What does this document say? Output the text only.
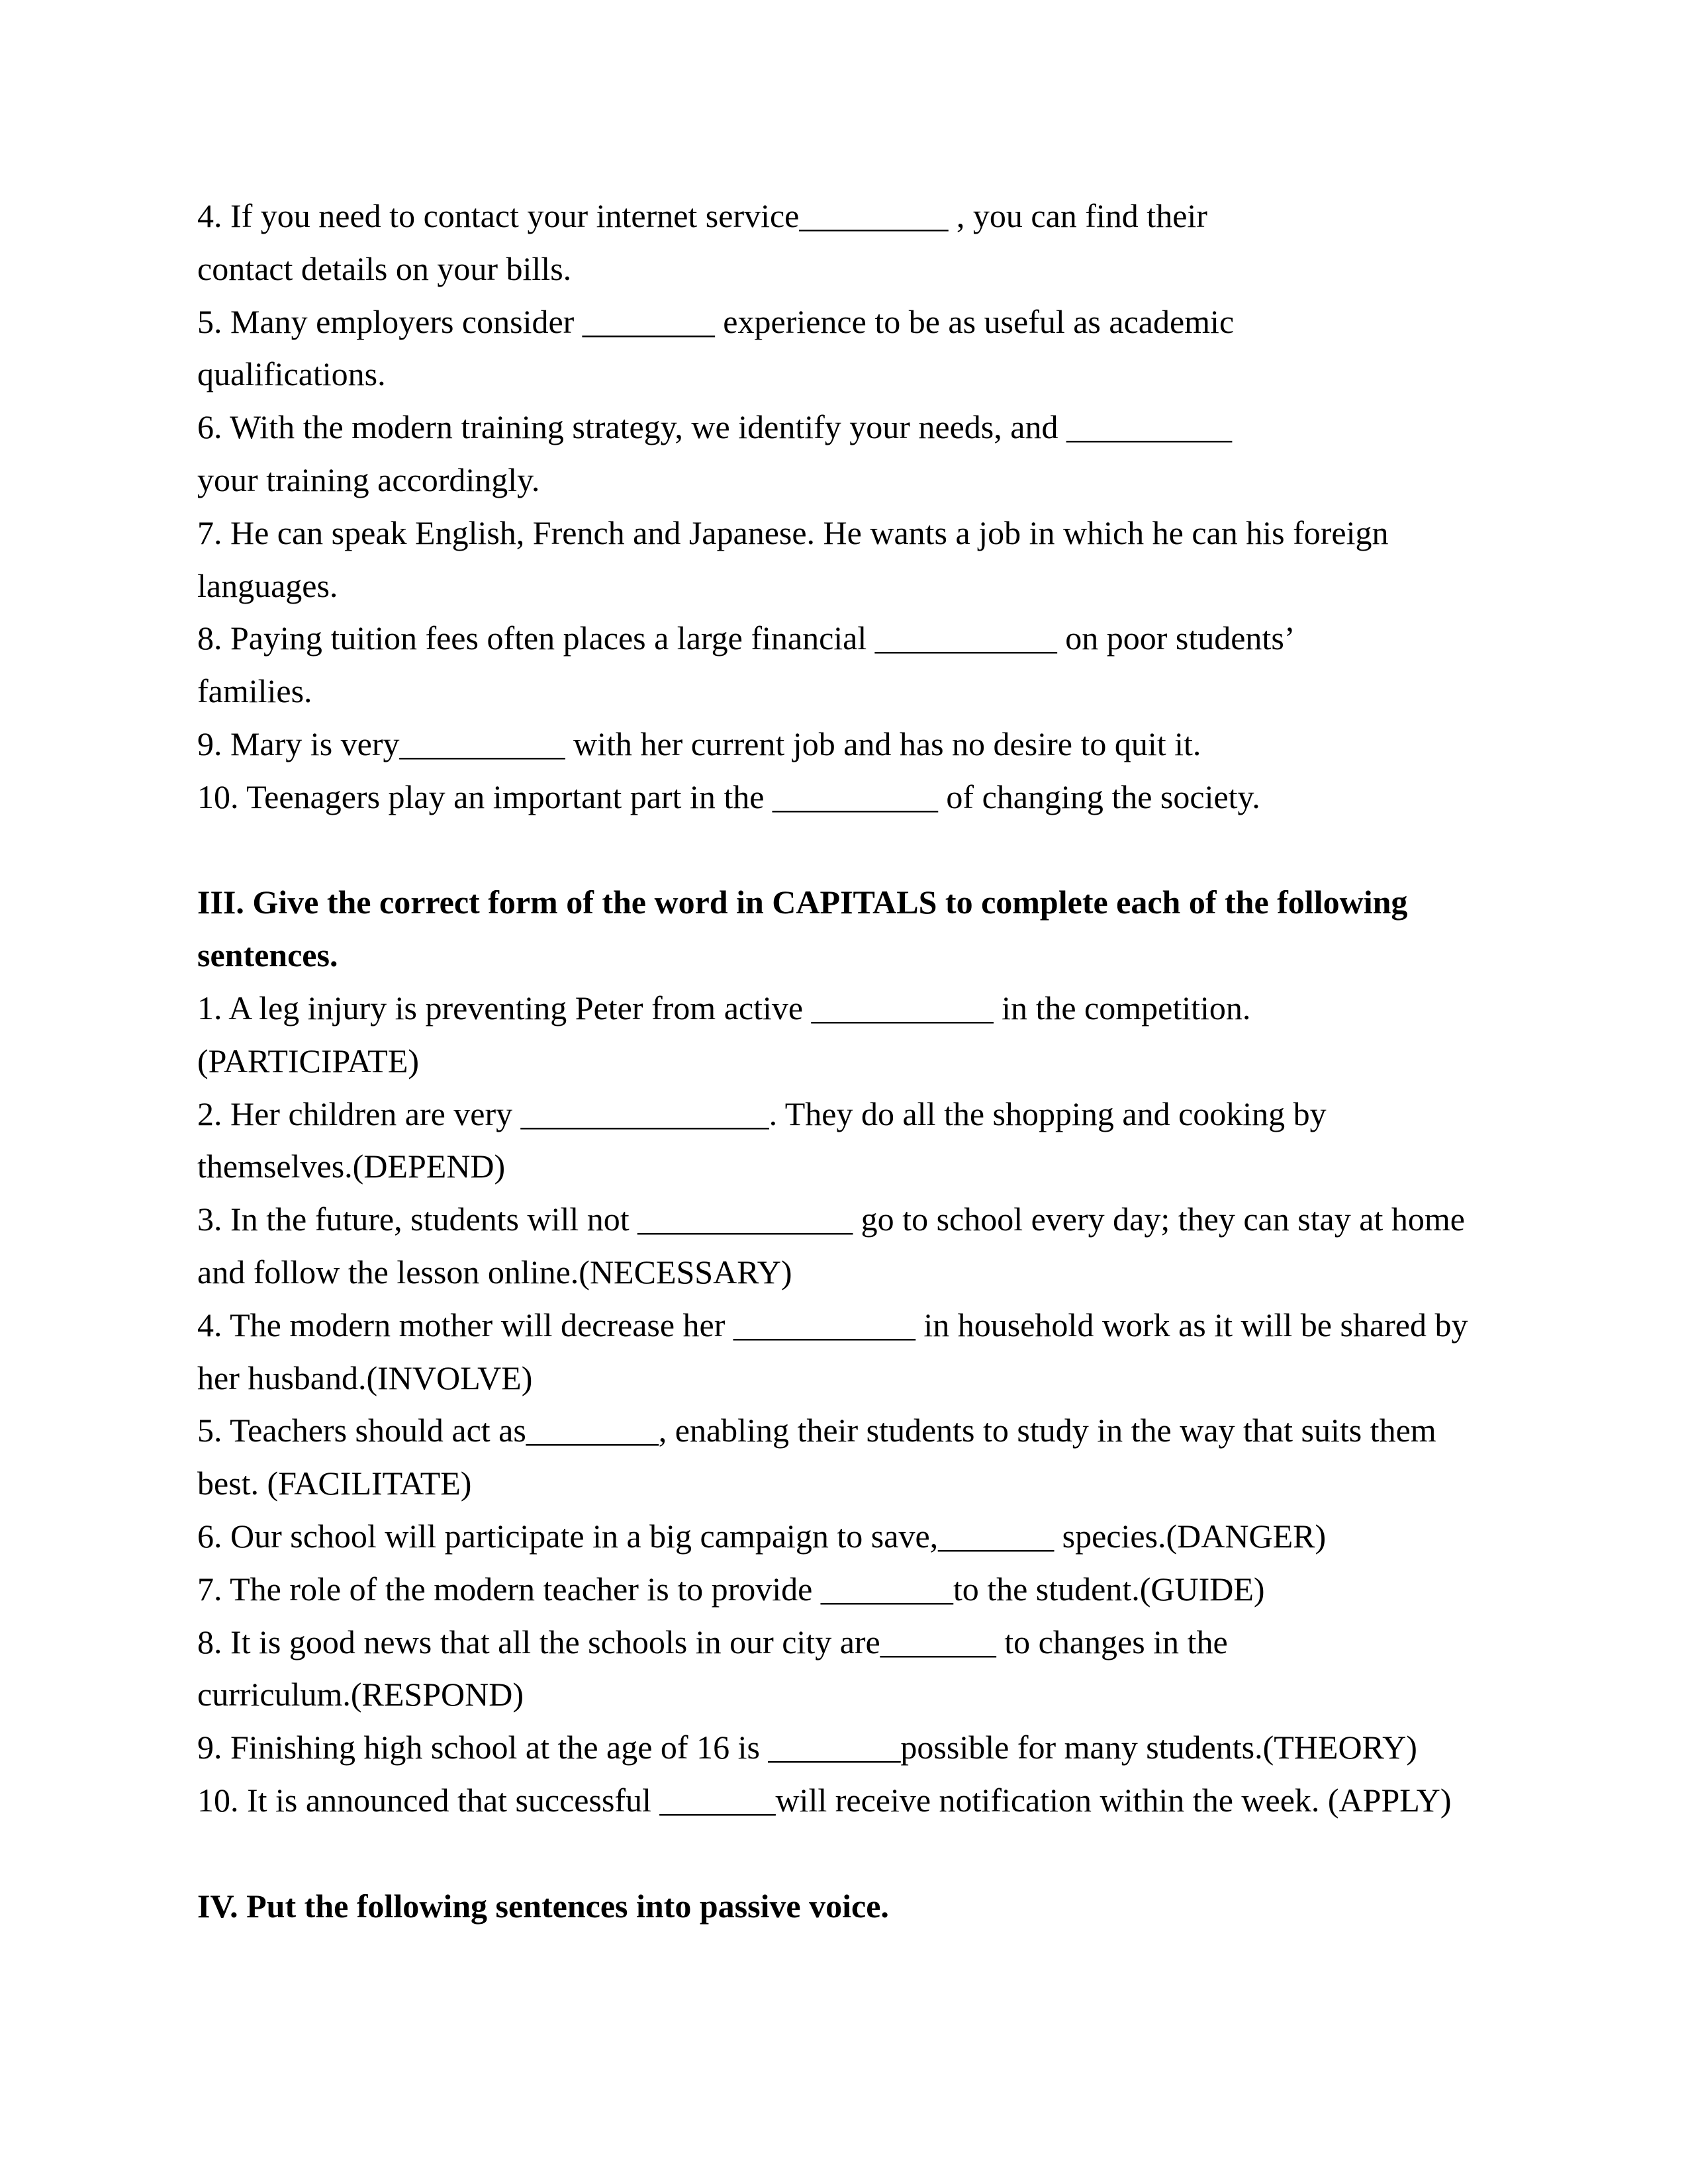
4. If you need to contact your internet service_________ , you can find their
contact details on your bills.
5. Many employers consider ________ experience to be as useful as academic
qualifications.
6. With the modern training strategy, we identify your needs, and __________
your training accordingly.
7. He can speak English, French and Japanese. He wants a job in which he can his foreign
languages.
8. Paying tuition fees often places a large financial ___________ on poor students’
families.
9. Mary is very__________ with her current job and has no desire to quit it.
10. Teenagers play an important part in the __________ of changing the society.
III. Give the correct form of the word in CAPITALS to complete each of the following
sentences.
1. A leg injury is preventing Peter from active ___________ in the competition.
(PARTICIPATE)
2. Her children are very _______________. They do all the shopping and cooking by
themselves.(DEPEND)
3. In the future, students will not _____________ go to school every day; they can stay at home
and follow the lesson online.(NECESSARY)
4. The modern mother will decrease her ___________ in household work as it will be shared by
her husband.(INVOLVE)
5. Teachers should act as________, enabling their students to study in the way that suits them
best. (FACILITATE)
6. Our school will participate in a big campaign to save,_______ species.(DANGER)
7. The role of the modern teacher is to provide ________to the student.(GUIDE)
8. It is good news that all the schools in our city are_______ to changes in the
curriculum.(RESPOND)
9. Finishing high school at the age of 16 is ________possible for many students.(THEORY)
10. It is announced that successful _______will receive notification within the week. (APPLY)
IV. Put the following sentences into passive voice.
